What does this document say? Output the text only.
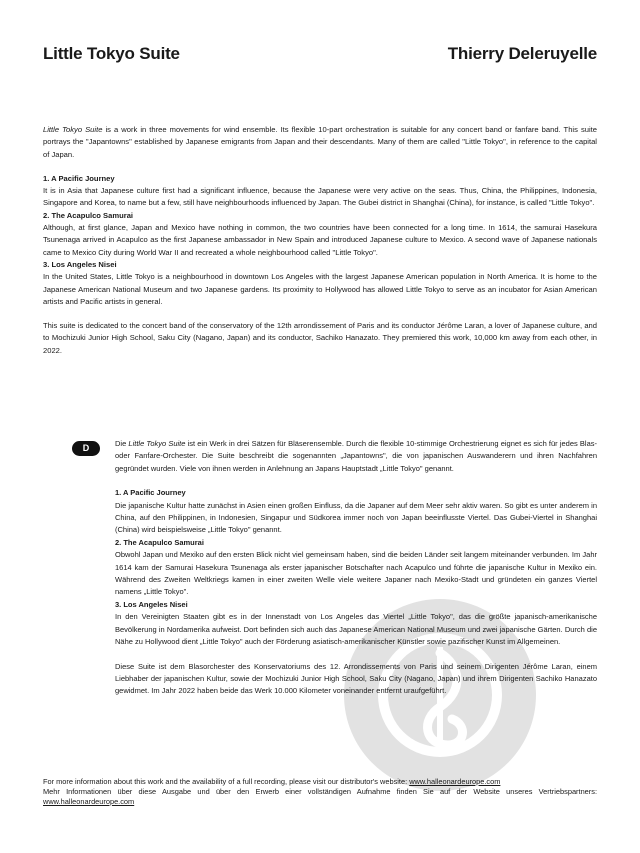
Little Tokyo Suite	Thierry Deleruyelle

Little Tokyo Suite is a work in three movements for wind ensemble. Its flexible 10-part orchestration is suitable for any concert band or fanfare band. This suite portrays the "Japantowns" established by Japanese emigrants from Japan and their descendants. Many of them are called "Little Tokyo", in reference to the capital of Japan.

1. A Pacific Journey

It is in Asia that Japanese culture first had a significant influence, because the Japanese were very active on the seas. Thus, China, the Philippines, Indonesia, Singapore and Korea, to name but a few, still have neighbourhoods influenced by Japan. The Gubei district in Shanghai (China), for instance, is called "Little Tokyo".

2. The Acapulco Samurai

Although, at first glance, Japan and Mexico have nothing in common, the two countries have been connected for a long time. In 1614, the samurai Hasekura Tsunenaga arrived in Acapulco as the first Japanese ambassador in New Spain and introduced Japanese culture to Mexico. A second wave of Japanese nationals came to Mexico City during World War II and recreated a whole neighbourhood called "Little Tokyo".

3. Los Angeles Nisei

In the United States, Little Tokyo is a neighbourhood in downtown Los Angeles with the largest Japanese American population in North America. It is home to the Japanese American National Museum and two Japanese gardens. Its proximity to Hollywood has allowed Little Tokyo to serve as an incubator for Asian American artists and Pacific artists in general.

This suite is dedicated to the concert band of the conservatory of the 12th arrondissement of Paris and its conductor Jérôme Laran, a lover of Japanese culture, and to Mochizuki Junior High School, Saku City (Nagano, Japan) and its conductor, Sachiko Hanazato. They premiered this work, 10,000 km away from each other, in 2022.

D	Die Little Tokyo Suite ist ein Werk in drei Sätzen für Bläserensemble. Durch die flexible 10-stimmige Orchestrierung eignet es sich für jedes Blas- oder Fanfare-Orchester. Die Suite beschreibt die sogenannten „Japantowns", die von japanischen Auswanderern und ihren Nachfahren gegründet wurden. Viele von ihnen werden in Anlehnung an Japans Hauptstadt „Little Tokyo" genannt.

1. A Pacific Journey

Die japanische Kultur hatte zunächst in Asien einen großen Einfluss, da die Japaner auf dem Meer sehr aktiv waren. So gibt es unter anderem in China, auf den Philippinen, in Indonesien, Singapur und Südkorea immer noch von Japan beeinflusste Viertel. Das Gubei-Viertel in Shanghai (China) wird beispielsweise „Little Tokyo" genannt.

2. The Acapulco Samurai

Obwohl Japan und Mexiko auf den ersten Blick nicht viel gemeinsam haben, sind die beiden Länder seit langem miteinander verbunden. Im Jahr 1614 kam der Samurai Hasekura Tsunenaga als erster japanischer Botschafter nach Acapulco und führte die japanische Kultur in Mexiko ein. Während des Zweiten Weltkriegs kamen in einer zweiten Welle viele weitere Japaner nach Mexiko-Stadt und gründeten ein ganzes Viertel namens „Little Tokyo".

3. Los Angeles Nisei

In den Vereinigten Staaten gibt es in der Innenstadt von Los Angeles das Viertel „Little Tokyo", das die größte japanisch-amerikanische Bevölkerung in Nordamerika aufweist. Dort befinden sich auch das Japanese American National Museum und zwei japanische Gärten. Durch die Nähe zu Hollywood dient „Little Tokyo" auch der Förderung asiatisch-amerikanischer Künstler sowie pazifischer Kunst im Allgemeinen.

Diese Suite ist dem Blasorchester des Konservatoriums des 12. Arrondissements von Paris und seinem Dirigenten Jérôme Laran, einem Liebhaber der japanischen Kultur, sowie der Mochizuki Junior High School, Saku City (Nagano, Japan) und ihrem Dirigenten Sachiko Hanazato gewidmet. Im Jahr 2022 haben beide das Werk 10.000 Kilometer voneinander entfernt uraufgeführt.

For more information about this work and the availability of a full recording, please visit our distributor's website: www.halleonardeurope.com

Mehr Informationen über diese Ausgabe und über den Erwerb einer vollständigen Aufnahme finden Sie auf der Website unseres Vertriebspartners: www.halleonardeurope.com
